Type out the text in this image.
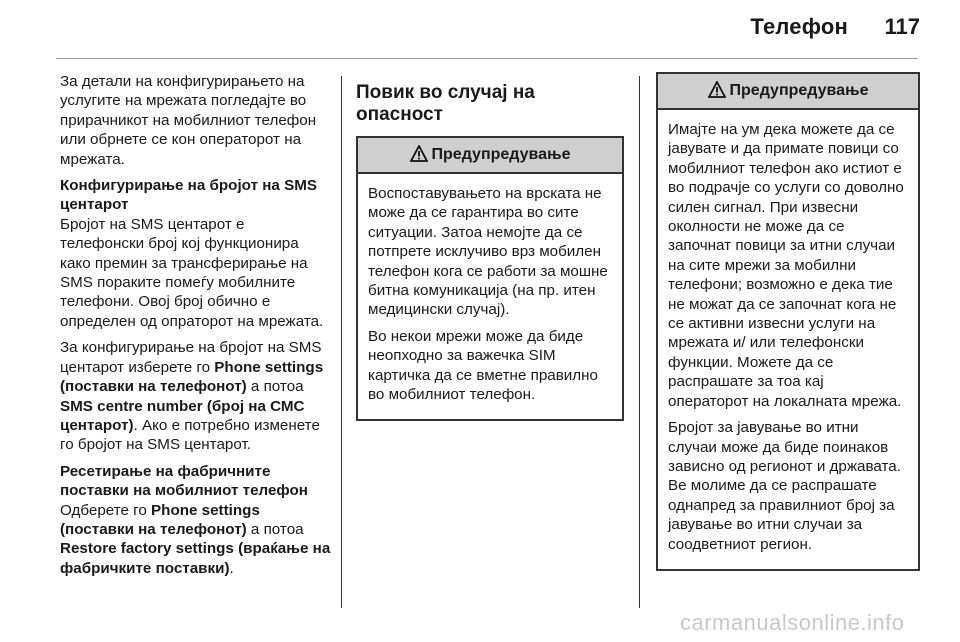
Телефон 117

За детали на конфигурирањето на услугите на мрежата погледајте во прирачникот на мобилниот телефон или обрнете се кон операторот на мрежата.

Конфигурирање на бројот на SMS центарот

Бројот на SMS центарот е телефонски број кој функционира како премин за трансферирање на SMS пораките помеѓу мобилните телефони. Овој број обично е определен од опраторот на мрежата.

За конфигурирање на бројот на SMS центарот изберете го Phone settings (поставки на телефонот) а потоа SMS centre number (број на СМС центарот). Ако е потребно изменете го бројот на SMS центарот.

Ресетирање на фабричните поставки на мобилниот телефон

Одберете го Phone settings (поставки на телефонот) а потоа Restore factory settings (враќање на фабричките поставки).

Повик во случај на опасност
Предупредување

Воспоставувањето на врската не може да се гарантира во сите ситуации. Затоа немојте да се потпрете исклучиво врз мобилен телефон кога се работи за мошне битна комуникација (на пр. итен медицински случај).

Во некои мрежи може да биде неопходно за важечка SIM картичка да се вметне правилно во мобилниот телефон.

Предупредување

Имајте на ум дека можете да се јавувате и да примате повици со мобилниот телефон ако истиот е во подрачје со услуги со доволно силен сигнал. При извесни околности не може да се започнат повици за итни случаи на сите мрежи за мобилни телефони; возможно е дека тие не можат да се започнат кога не се активни извесни услуги на мрежата и/ или телефонски функции. Можете да се распрашате за тоа кај операторот на локалната мрежа.

Бројот за јавување во итни случаи може да биде поинаков зависно од регионот и државата. Ве молиме да се распрашате однапред за правилниот број за јавување во итни случаи за соодветниот регион.

carmanualsonline.info
